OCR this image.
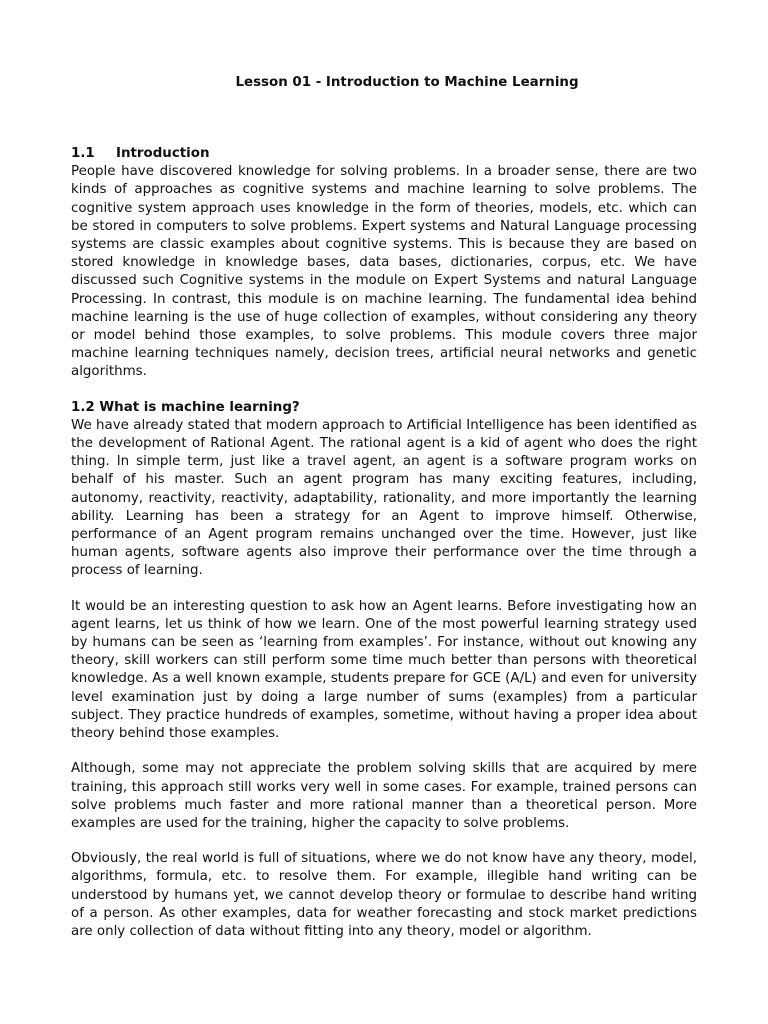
Lesson 01 - Introduction to Machine Learning
1.1 Introduction

People have discovered knowledge for solving problems. In a broader sense, there are two kinds of approaches as cognitive systems and machine learning to solve problems. The cognitive system approach uses knowledge in the form of theories, models, etc. which can be stored in computers to solve problems. Expert systems and Natural Language processing systems are classic examples about cognitive systems. This is because they are based on stored knowledge in knowledge bases, data bases, dictionaries, corpus, etc. We have discussed such Cognitive systems in the module on Expert Systems and natural Language Processing. In contrast, this module is on machine learning. The fundamental idea behind machine learning is the use of huge collection of examples, without considering any theory or model behind those examples, to solve problems. This module covers three major machine learning techniques namely, decision trees, artificial neural networks and genetic algorithms.

1.2 What is machine learning?

We have already stated that modern approach to Artificial Intelligence has been identified as the development of Rational Agent. The rational agent is a kid of agent who does the right thing. In simple term, just like a travel agent, an agent is a software program works on behalf of his master. Such an agent program has many exciting features, including, autonomy, reactivity, reactivity, adaptability, rationality, and more importantly the learning ability. Learning has been a strategy for an Agent to improve himself. Otherwise, performance of an Agent program remains unchanged over the time. However, just like human agents, software agents also improve their performance over the time through a process of learning.

It would be an interesting question to ask how an Agent learns. Before investigating how an agent learns, let us think of how we learn. One of the most powerful learning strategy used by humans can be seen as ‘learning from examples’. For instance, without out knowing any theory, skill workers can still perform some time much better than persons with theoretical knowledge. As a well known example, students prepare for GCE (A/L) and even for university level examination just by doing a large number of sums (examples) from a particular subject. They practice hundreds of examples, sometime, without having a proper idea about theory behind those examples.

Although, some may not appreciate the problem solving skills that are acquired by mere training, this approach still works very well in some cases. For example, trained persons can solve problems much faster and more rational manner than a theoretical person. More examples are used for the training, higher the capacity to solve problems.

Obviously, the real world is full of situations, where we do not know have any theory, model, algorithms, formula, etc. to resolve them. For example, illegible hand writing can be understood by humans yet, we cannot develop theory or formulae to describe hand writing of a person. As other examples, data for weather forecasting and stock market predictions are only collection of data without fitting into any theory, model or algorithm.
